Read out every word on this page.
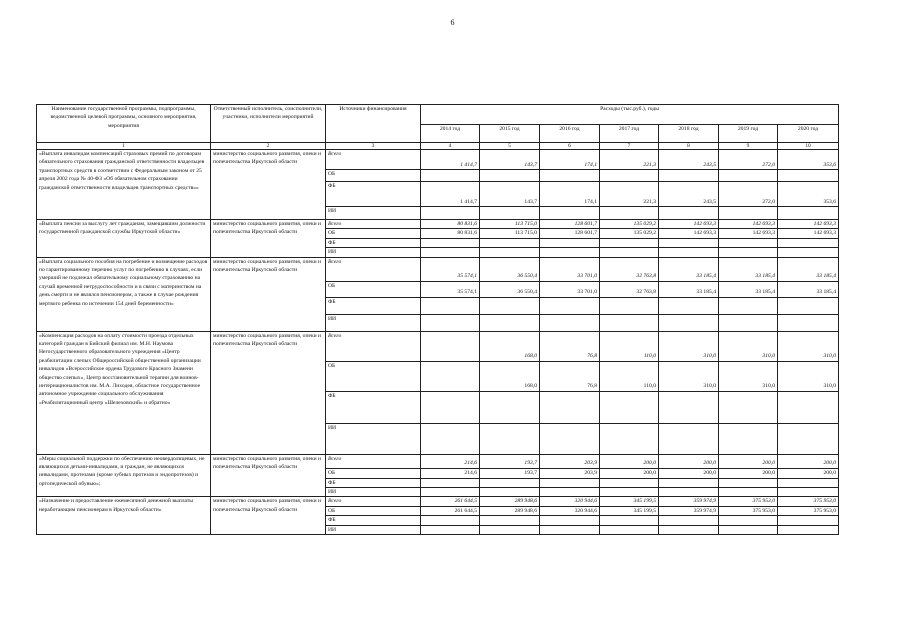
6
Наименование государственной программы, подпрограммы, ведомственной целевой программы, основного мероприятия, мероприятия	Ответственный исполнитель, соисполнители, участники, исполнители мероприятий	Источники финансирования	Расходы (тыс.руб.), годы						
			2014 год	2015 год	2016 год	2017 год	2018 год	2019 год	2020 год
1	2	3	4	5	6	7	8	9	10
«Выплата инвалидам компенсаций страховых премий по договорам обязательного страхования гражданской ответственности владельцев транспортных средств в соответствии с Федеральным законом от 25 апреля 2002 года № 40-ФЗ «Об обязательном страховании гражданской ответственности владельцев транспортных средств»»	министерство социального развития, опеки и попечительства Иркутской области	Всего	1 414,7	143,7	174,1	221,3	243,5	272,0	353,6
		ОБ							
		ФБ	1 414,7	143,7	174,1	221,3	243,5	272,0	353,6
		ИИ							
«Выплата пенсии за выслугу лет гражданам, замещавшим должности государственной гражданской службы Иркутской области»	министерство социального развития, опеки и попечительства Иркутской области	Всего	80 831,6	113 715,0	128 601,7	135 029,2	142 693,3	142 693,3	142 693,3
		ОБ	80 831,6	113 715,0	128 601,7	135 029,2	142 693,3	142 693,3	142 693,3
		ФБ							
		ИИ							
«Выплата социального пособия на погребение и возмещение расходов по гарантированному перечню услуг по погребению в случаях, если умерший не подлежал обязательному социальному страхованию на случай временной нетрудоспособности и в связи с материнством на день смерти и не являлся пенсионером, а также в случае рождения мертвого ребенка по истечении 154 дней беременности»	министерство социального развития, опеки и попечительства Иркутской области	Всего	35 574,1	36 550,4	33 701,0	32 763,8	33 185,4	33 185,4	33 185,4
		ОБ	35 574,1	36 550,4	33 701,0	32 763,8	33 185,4	33 185,4	33 185,4
		ФБ							
		ИИ							
«Компенсация расходов на оплату стоимости проезда отдельных категорий граждан в Бийский филиал им. М.Н. Наумова Негосударственного образовательного учреждения «Центр реабилитации слепых Общероссийской общественной организации инвалидов «Всероссийское ордена Трудового Красного Знамени общество слепых», Центр восстановительной терапии для воинов-интернационалистов им. М.А. Лиходея, областное государственное автономное учреждение социального обслуживания «Реабилитационный центр «Шелеховский» и обратно»	министерство социального развития, опеки и попечительства Иркутской области	Всего		168,0	76,8	110,0	310,0	310,0	310,0
		ОБ		168,0	76,8	110,0	310,0	310,0	310,0
		ФБ							
		ИИ							
«Меры социальной поддержки по обеспечению неовердолицевых, не являющихся детьми-инвалидами, и граждан, не являющихся инвалидами, протезами (кроме зубных протезов и эндопротезов) и ортопедической обувью»;	министерство социального развития, опеки и попечительства Иркутской области	Всего	214,6	193,7	203,9	200,0	200,0	200,0	200,0
		ОБ	214,6	193,7	203,9	200,0	200,0	200,0	200,0
		ФБ							
		ИИ							
«Назначение и предоставление ежемесячной денежной выплаты неработающим пенсионерам в Иркутской области»	министерство социального развития, опеки и попечительства Иркутской области	Всего	261 644,5	289 948,6	320 944,6	345 199,5	359 974,9	375 953,0	375 953,0
		ОБ	261 644,5	289 948,6	320 944,6	345 199,5	359 974,9	375 953,0	375 953,0
		ФБ							
		ИИ							
